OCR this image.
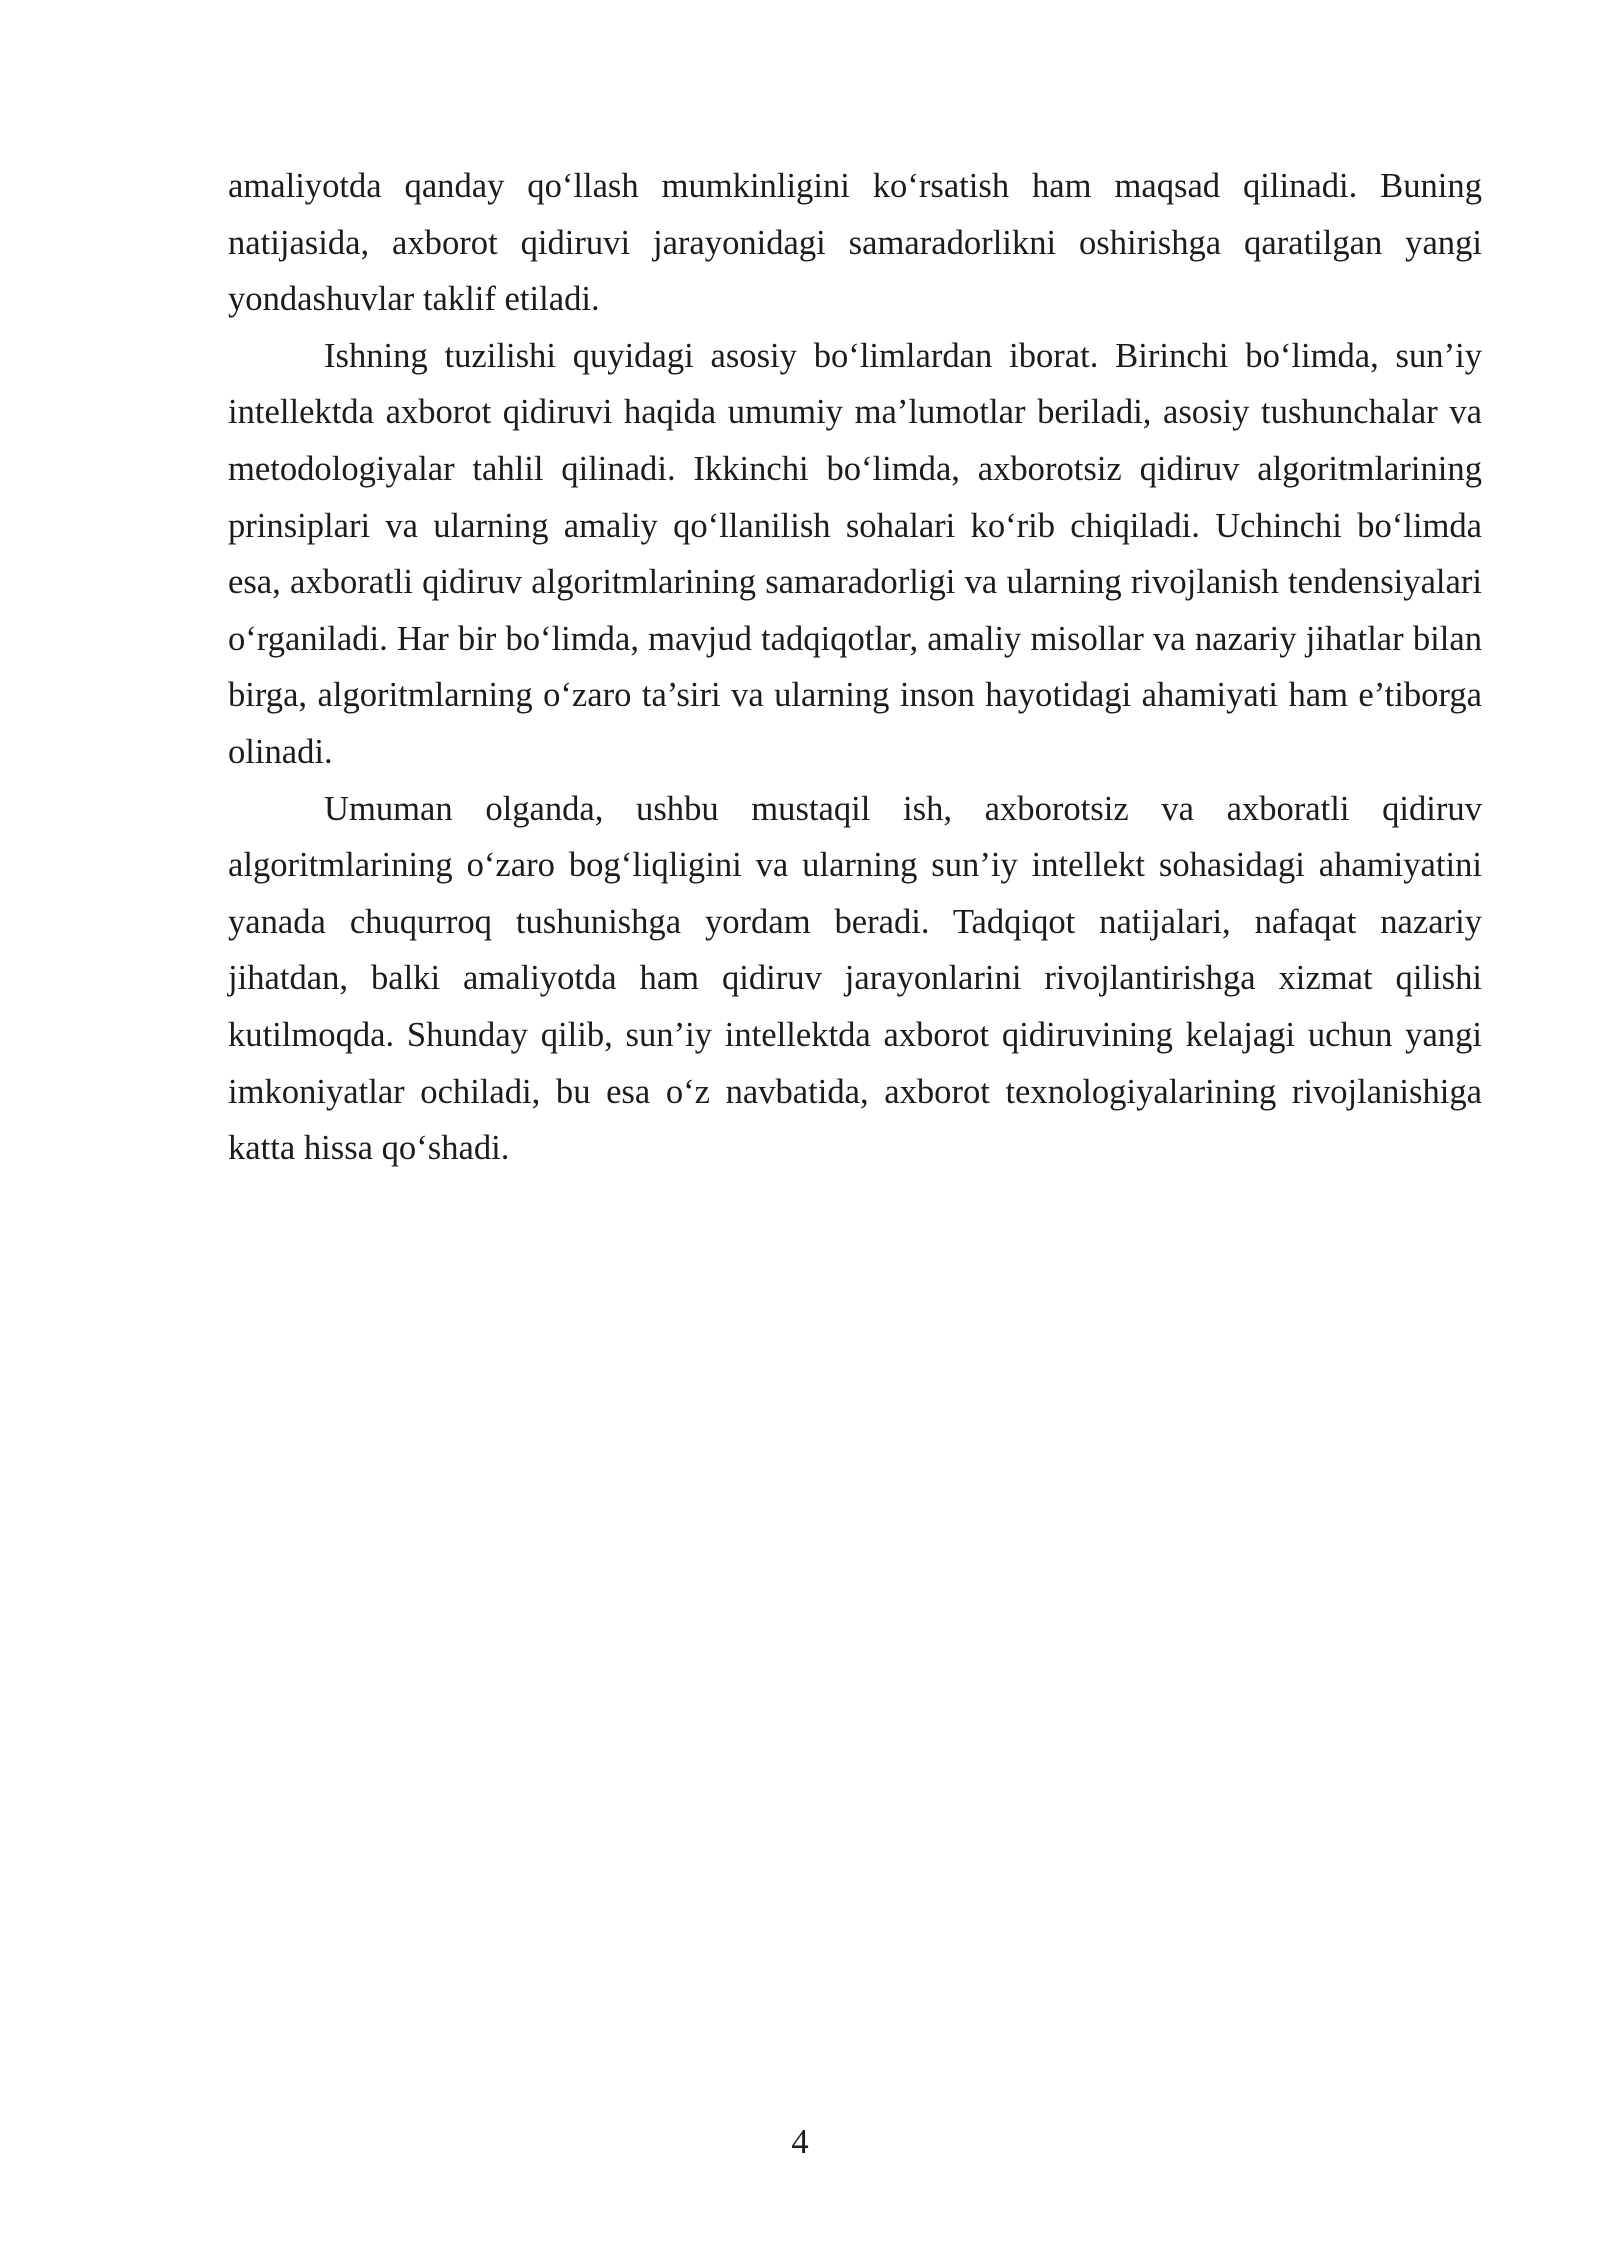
amaliyotda qanday qo‘llash mumkinligini ko‘rsatish ham maqsad qilinadi. Buning natijasida, axborot qidiruvi jarayonidagi samaradorlikni oshirishga qaratilgan yangi yondashuvlar taklif etiladi.

Ishning tuzilishi quyidagi asosiy bo‘limlardan iborat. Birinchi bo‘limda, sun’iy intellektda axborot qidiruvi haqida umumiy ma’lumotlar beriladi, asosiy tushunchalar va metodologiyalar tahlil qilinadi. Ikkinchi bo‘limda, axborotsiz qidiruv algoritmlarining prinsiplari va ularning amaliy qo‘llanilish sohalari ko‘rib chiqiladi. Uchinchi bo‘limda esa, axboratli qidiruv algoritmlarining samaradorligi va ularning rivojlanish tendensiyalari o‘rganiladi. Har bir bo‘limda, mavjud tadqiqotlar, amaliy misollar va nazariy jihatlar bilan birga, algoritmlarning o‘zaro ta’siri va ularning inson hayotidagi ahamiyati ham e’tiborga olinadi.

Umuman olganda, ushbu mustaqil ish, axborotsiz va axboratli qidiruv algoritmlarining o‘zaro bog‘liqligini va ularning sun’iy intellekt sohasidagi ahamiyatini yanada chuqurroq tushunishga yordam beradi. Tadqiqot natijalari, nafaqat nazariy jihatdan, balki amaliyotda ham qidiruv jarayonlarini rivojlantirishga xizmat qilishi kutilmoqda. Shunday qilib, sun’iy intellektda axborot qidiruvining kelajagi uchun yangi imkoniyatlar ochiladi, bu esa o‘z navbatida, axborot texnologiyalarining rivojlanishiga katta hissa qo‘shadi.

4
